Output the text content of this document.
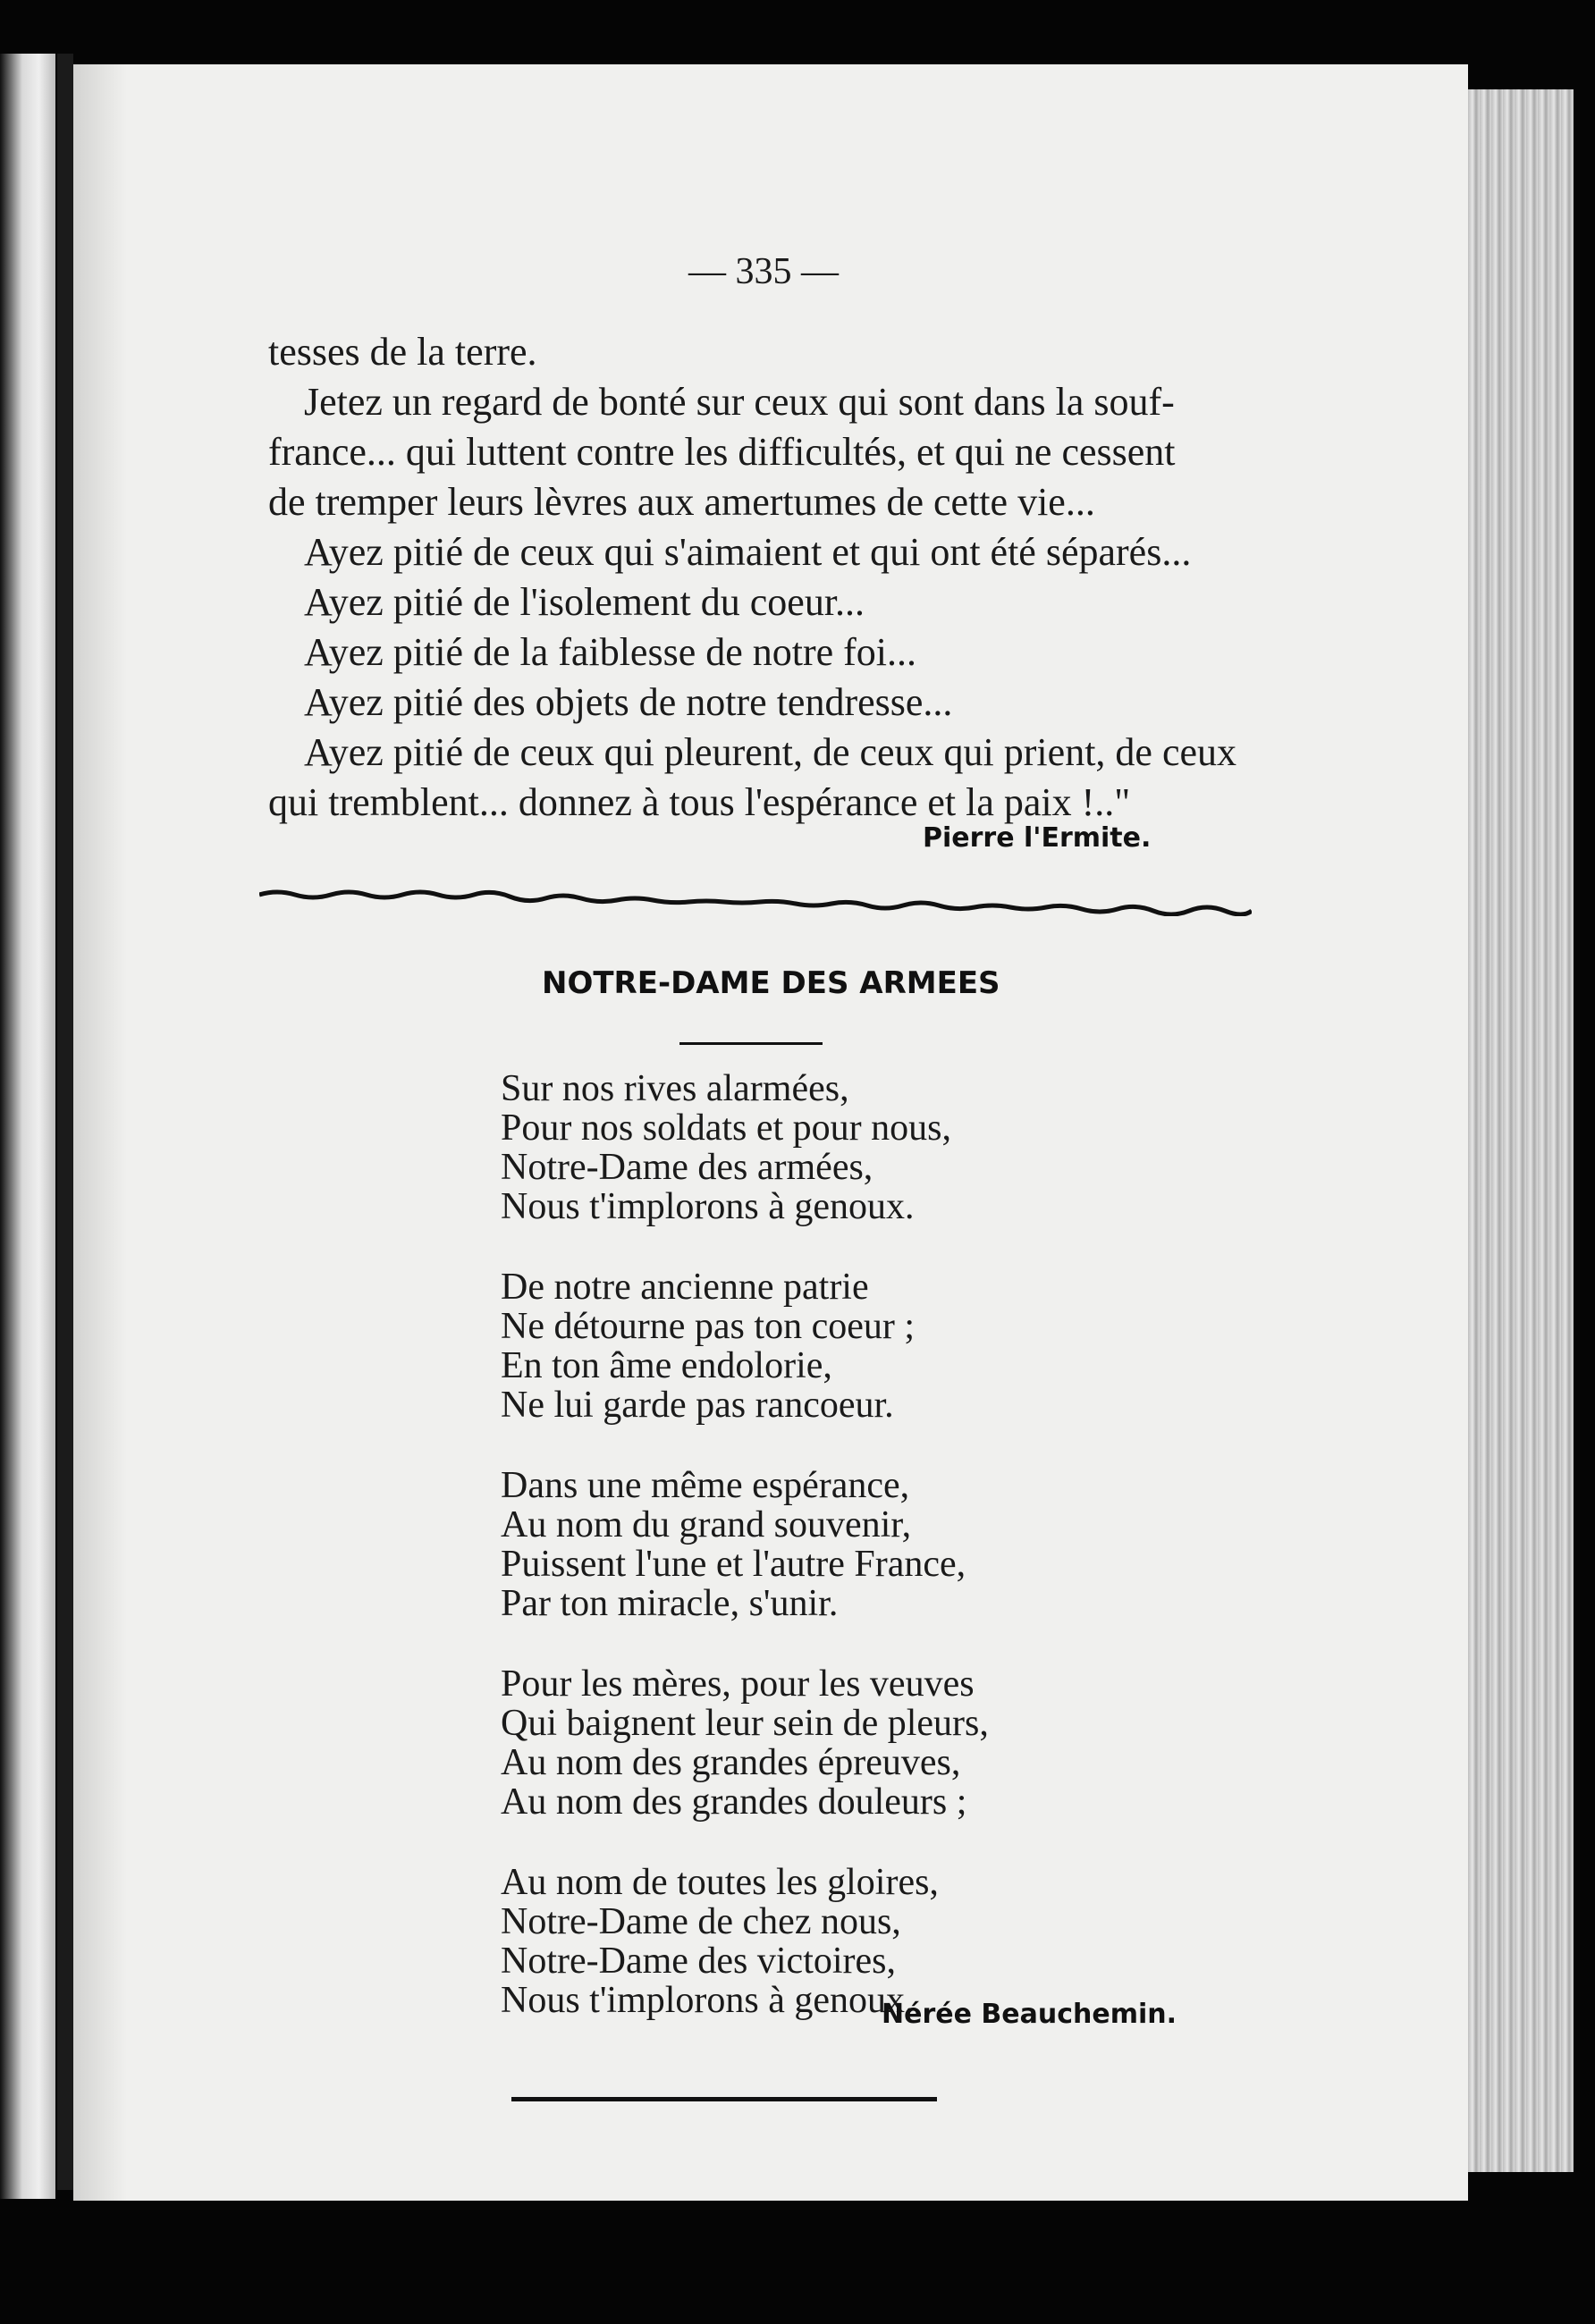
— 335 —

tesses de la terre.

Jetez un regard de bonté sur ceux qui sont dans la souf-

france... qui luttent contre les difficultés, et qui ne cessent

de tremper leurs lèvres aux amertumes de cette vie...

Ayez pitié de ceux qui s'aimaient et qui ont été séparés...

Ayez pitié de l'isolement du coeur...

Ayez pitié de la faiblesse de notre foi...

Ayez pitié des objets de notre tendresse...

Ayez pitié de ceux qui pleurent, de ceux qui prient, de ceux

qui tremblent... donnez à tous l'espérance et la paix !.."

Pierre l'Ermite.
NOTRE-DAME DES ARMEES
Sur nos rives alarmées,
Pour nos soldats et pour nous,
Notre-Dame des armées,
Nous t'implorons à genoux.
De notre ancienne patrie
Ne détourne pas ton coeur ;
En ton âme endolorie,
Ne lui garde pas rancoeur.
Dans une même espérance,
Au nom du grand souvenir,
Puissent l'une et l'autre France,
Par ton miracle, s'unir.
Pour les mères, pour les veuves
Qui baignent leur sein de pleurs,
Au nom des grandes épreuves,
Au nom des grandes douleurs ;
Au nom de toutes les gloires,
Notre-Dame de chez nous,
Notre-Dame des victoires,
Nous t'implorons à genoux.
Nérée Beauchemin.
